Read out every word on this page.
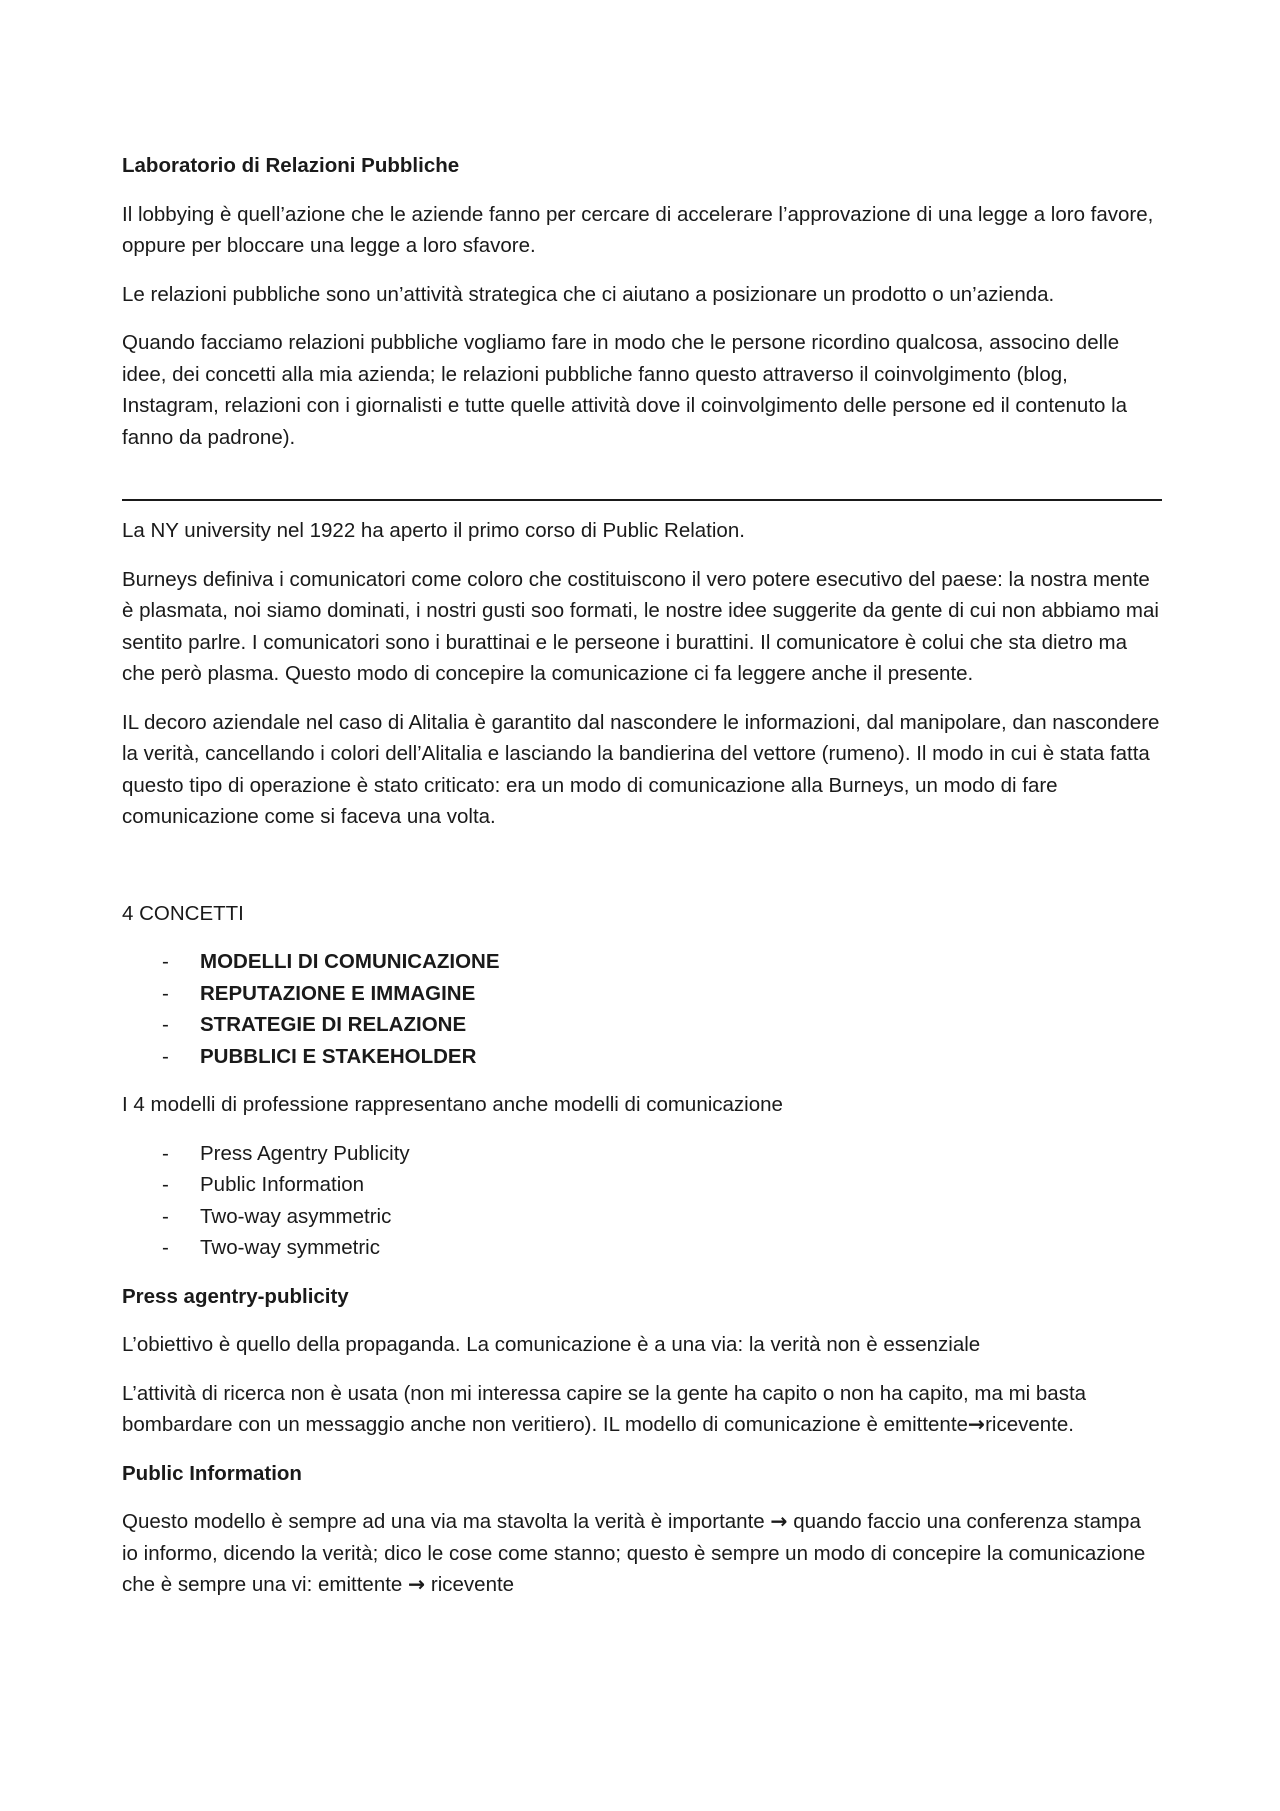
Laboratorio di Relazioni Pubbliche

Il lobbying è quell’azione che le aziende fanno per cercare di accelerare l’approvazione di una legge a loro favore, oppure per bloccare una legge a loro sfavore.

Le relazioni pubbliche sono un’attività strategica che ci aiutano a posizionare un prodotto o un’azienda.

Quando facciamo relazioni pubbliche vogliamo fare in modo che le persone ricordino qualcosa, associno delle idee, dei concetti alla mia azienda; le relazioni pubbliche fanno questo attraverso il coinvolgimento (blog, Instagram, relazioni con i giornalisti e tutte quelle attività dove il coinvolgimento delle persone ed il contenuto la fanno da padrone).

La NY university nel 1922 ha aperto il primo corso di Public Relation.

Burneys definiva i comunicatori come coloro che costituiscono il vero potere esecutivo del paese: la nostra mente è plasmata, noi siamo dominati, i nostri gusti soo formati, le nostre idee suggerite da gente di cui non abbiamo mai sentito parlre. I comunicatori sono i burattinai e le perseone i burattini. Il comunicatore è colui che sta dietro ma che però plasma. Questo modo di concepire la comunicazione ci fa leggere anche il presente.

IL decoro aziendale nel caso di Alitalia è garantito dal nascondere le informazioni, dal manipolare, dan nascondere la verità, cancellando i colori dell’Alitalia e lasciando la bandierina del vettore (rumeno). Il modo in cui è stata fatta questo tipo di operazione è stato criticato: era un modo di comunicazione alla Burneys, un modo di fare comunicazione come si faceva una volta.

4 CONCETTI

- MODELLI DI COMUNICAZIONE
- REPUTAZIONE E IMMAGINE
- STRATEGIE DI RELAZIONE
- PUBBLICI E STAKEHOLDER

I 4 modelli di professione rappresentano anche modelli di comunicazione

- Press Agentry Publicity
- Public Information
- Two-way asymmetric
- Two-way symmetric

Press agentry-publicity

L’obiettivo è quello della propaganda. La comunicazione è a una via: la verità non è essenziale

L’attività di ricerca non è usata (non mi interessa capire se la gente ha capito o non ha capito, ma mi basta bombardare con un messaggio anche non veritiero). IL modello di comunicazione è emittente→ricevente.

Public Information

Questo modello è sempre ad una via ma stavolta la verità è importante → quando faccio una conferenza stampa io informo, dicendo la verità; dico le cose come stanno; questo è sempre un modo di concepire la comunicazione che è sempre una vi: emittente → ricevente
